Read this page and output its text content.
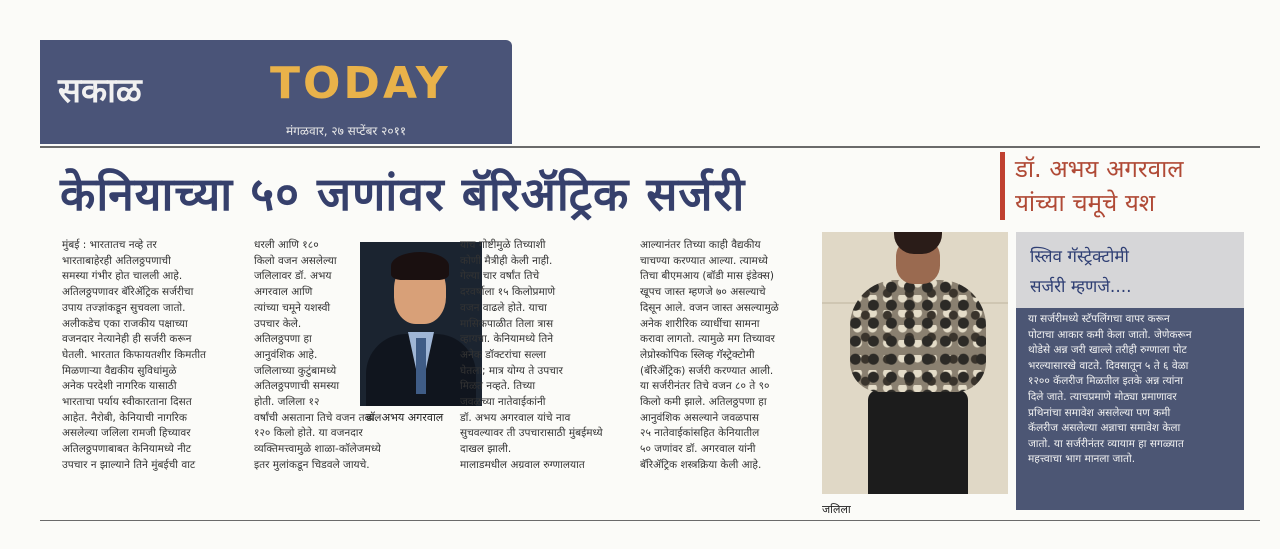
सकाळ	TODAY
मंगळवार, २७ सप्टेंबर २०११
केनियाच्या ५० जणांवर बॅरिॲट्रिक सर्जरी	डॉ. अभय अगरवाल
यांच्या चमूचे यश

मुंबई : भारतातच नव्हे तर

भारताबाहेरही अतिलठ्ठपणाची

समस्या गंभीर होत चालली आहे.

अतिलठ्ठपणावर बॅरिॲट्रिक सर्जरीचा

उपाय तज्ज्ञांकडून सुचवला जातो.

अलीकडेच एका राजकीय पक्षाच्या

वजनदार नेत्यानेही ही सर्जरी करून

घेतली. भारतात किफायतशीर किमतीत

मिळणाऱ्या वैद्यकीय सुविधांमुळे

अनेक परदेशी नागरिक यासाठी

भारताचा पर्याय स्वीकारताना दिसत

आहेत. नैरोबी, केनियाची नागरिक

असलेल्या जलिला रामजी हिच्यावर

अतिलठ्ठपणाबाबत केनियामध्ये नीट

उपचार न झाल्याने तिने मुंबईची वाट

धरली आणि १८०

किलो वजन असलेल्या

जलिलावर डॉ. अभय

अगरवाल आणि

त्यांच्या चमूने यशस्वी

उपचार केले.

अतिलठ्ठपणा हा

आनुवंशिक आहे.

जलिलाच्या कुटुंबामध्ये

अतिलठ्ठपणाची समस्या

होती. जलिला १२

वर्षांची असताना तिचे वजन तब्बल

१२० किलो होते. या वजनदार

व्यक्तिमत्त्वामुळे शाळा-कॉलेजमध्ये

इतर मुलांकडून चिडवले जायचे.

डॉ. अभय अगरवाल

याच गोष्टीमुळे तिच्याशी

कोणी मैत्रीही केली नाही.

गेल्या चार वर्षांत तिचे

दरवर्षाला १५ किलोप्रमाणे

वजन वाढले होते. याचा

मासिकपाळीत तिला त्रास

व्हायचा. केनियामध्ये तिने

अनेक डॉक्टरांचा सल्ला

घेतला; मात्र योग्य ते उपचार

मिळत नव्हते. तिच्या

जवळच्या नातेवाईकांनी

डॉ. अभय अगरवाल यांचे नाव

सुचवल्यावर ती उपचारासाठी मुंबईमध्ये

दाखल झाली.

मालाडमधील अग्रवाल रुग्णालयात

आल्यानंतर तिच्या काही वैद्यकीय

चाचण्या करण्यात आल्या. त्यामध्ये

तिचा बीएमआय (बॉडी मास इंडेक्स)

खूपच जास्त म्हणजे ७० असल्याचे

दिसून आले. वजन जास्त असल्यामुळे

अनेक शारीरिक व्याधींचा सामना

करावा लागतो. त्यामुळे मग तिच्यावर

लेप्रोस्कोपिक स्लिव्ह गॅस्ट्रेक्टोमी

(बॅरिॲट्रिक) सर्जरी करण्यात आली.

या सर्जरीनंतर तिचे वजन ८० ते ९०

किलो कमी झाले. अतिलठ्ठपणा हा

आनुवंशिक असल्याने जवळपास

२५ नातेवाईकांसहित केनियातील

५० जणांवर डॉ. अगरवाल यांनी

बॅरिॲट्रिक शस्त्रक्रिया केली आहे.

जलिला
स्लिव गॅस्ट्रेक्टोमी
सर्जरी म्हणजे....
या सर्जरीमध्ये स्टॅपलिंगचा वापर करून
पोटाचा आकार कमी केला जातो. जेणेकरून
थोडेसे अन्न जरी खाल्ले तरीही रुग्णाला पोट
भरल्यासारखे वाटते. दिवसातून ५ ते ६ वेळा
१२०० कॅलरीज मिळतील इतके अन्न त्यांना
दिले जाते. त्याचप्रमाणे मोठ्या प्रमाणावर
प्रथिनांचा समावेश असलेल्या पण कमी
कॅलरीज असलेल्या अन्नाचा समावेश केला
जातो. या सर्जरीनंतर व्यायाम हा सगळ्यात
महत्त्वाचा भाग मानला जातो.
